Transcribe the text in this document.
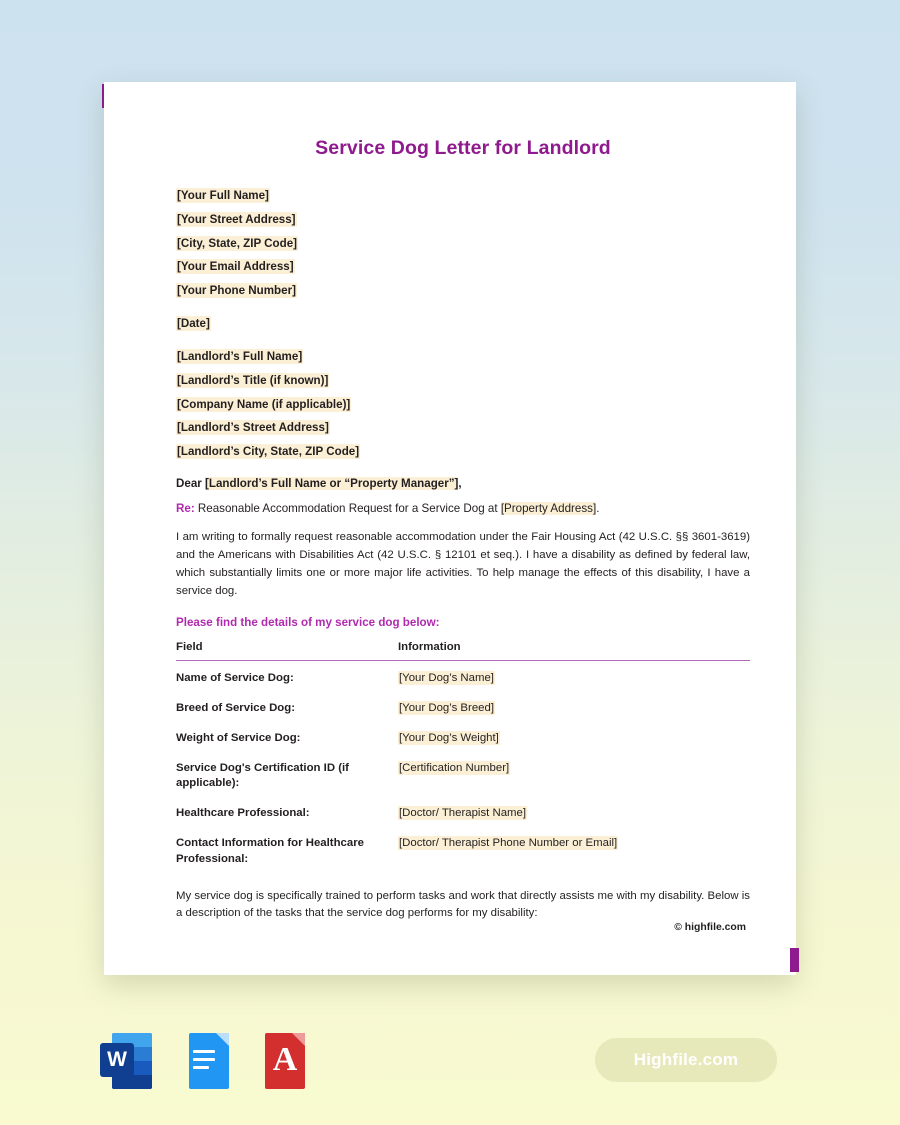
Service Dog Letter for Landlord
[Your Full Name]
[Your Street Address]
[City, State, ZIP Code]
[Your Email Address]
[Your Phone Number]
[Date]
[Landlord’s Full Name]
[Landlord’s Title (if known)]
[Company Name (if applicable)]
[Landlord’s Street Address]
[Landlord’s City, State, ZIP Code]
Dear [Landlord’s Full Name or “Property Manager”],
Re: Reasonable Accommodation Request for a Service Dog at [Property Address].

I am writing to formally request reasonable accommodation under the Fair Housing Act (42 U.S.C. §§ 3601-3619) and the Americans with Disabilities Act (42 U.S.C. § 12101 et seq.). I have a disability as defined by federal law, which substantially limits one or more major life activities. To help manage the effects of this disability, I have a service dog.

Please find the details of my service dog below:

Field	Information
Name of Service Dog:	[Your Dog’s Name]
Breed of Service Dog:	[Your Dog’s Breed]
Weight of Service Dog:	[Your Dog’s Weight]
Service Dog's Certification ID (if applicable):	[Certification Number]
Healthcare Professional:	[Doctor/ Therapist Name]
Contact Information for Healthcare Professional:	[Doctor/ Therapist Phone Number or Email]

My service dog is specifically trained to perform tasks and work that directly assists me with my disability. Below is a description of the tasks that the service dog performs for my disability:

© highfile.com
W	A	Highfile.com
